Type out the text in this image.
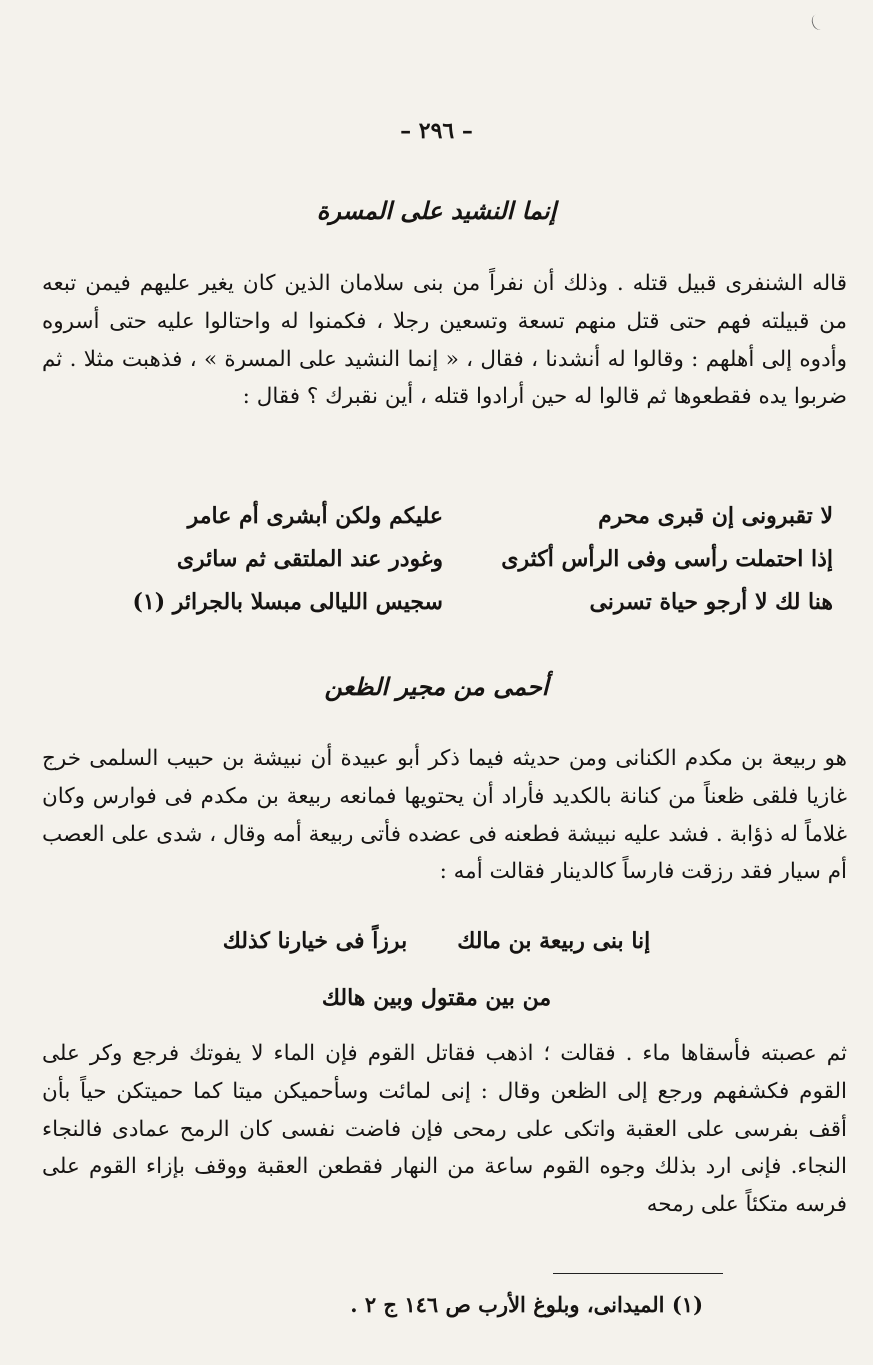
– ٢٩٦ –
إنما النشيد على المسرة

قاله الشنفرى قبيل قتله . وذلك أن نفراً من بنى سلامان الذين كان يغير عليهم فيمن تبعه من قبيلته فهم حتى قتل منهم تسعة وتسعين رجلا ، فكمنوا له واحتالوا عليه حتى أسروه وأدوه إلى أهلهم : وقالوا له أنشدنا ، فقال ، « إنما النشيد على المسرة » ، فذهبت مثلا . ثم ضربوا يده فقطعوها ثم قالوا له حين أرادوا قتله ، أين نقبرك ؟ فقال :

لا تقبرونى إن قبرى محرم
عليكم ولكن أبشرى أم عامر
إذا احتملت رأسى وفى الرأس أكثرى
وغودر عند الملتقى ثم سائرى
هنا لك لا أرجو حياة تسرنى
سجيس الليالى مبسلا بالجرائر (١)
أحمى من مجير الظعن

هو ربيعة بن مكدم الكنانى ومن حديثه فيما ذكر أبو عبيدة أن نبيشة بن حبيب السلمى خرج غازيا فلقى ظعناً من كنانة بالكديد فأراد أن يحتويها فمانعه ربيعة بن مكدم فى فوارس وكان غلاماً له ذؤابة . فشد عليه نبيشة فطعنه فى عضده فأتى ربيعة أمه وقال ، شدى على العصب أم سيار فقد رزقت فارساً كالدينار فقالت أمه :

إنا بنى ربيعة بن مالكبرزاً فى خيارنا كذلك
من بين مقتول وبين هالك

ثم عصبته فأسقاها ماء . فقالت ؛ اذهب فقاتل القوم فإن الماء لا يفوتك فرجع وكر على القوم فكشفهم ورجع إلى الظعن وقال : إنى لمائت وسأحميكن ميتا كما حميتكن حياً بأن أقف بفرسى على العقبة واتكى على رمحى فإن فاضت نفسى كان الرمح عمادى فالنجاء النجاء. فإنى ارد بذلك وجوه القوم ساعة من النهار فقطعن العقبة ووقف بإزاء القوم على فرسه متكئاً على رمحه

(١) الميدانى، وبلوغ الأرب ص ١٤٦ ج ٢ .
